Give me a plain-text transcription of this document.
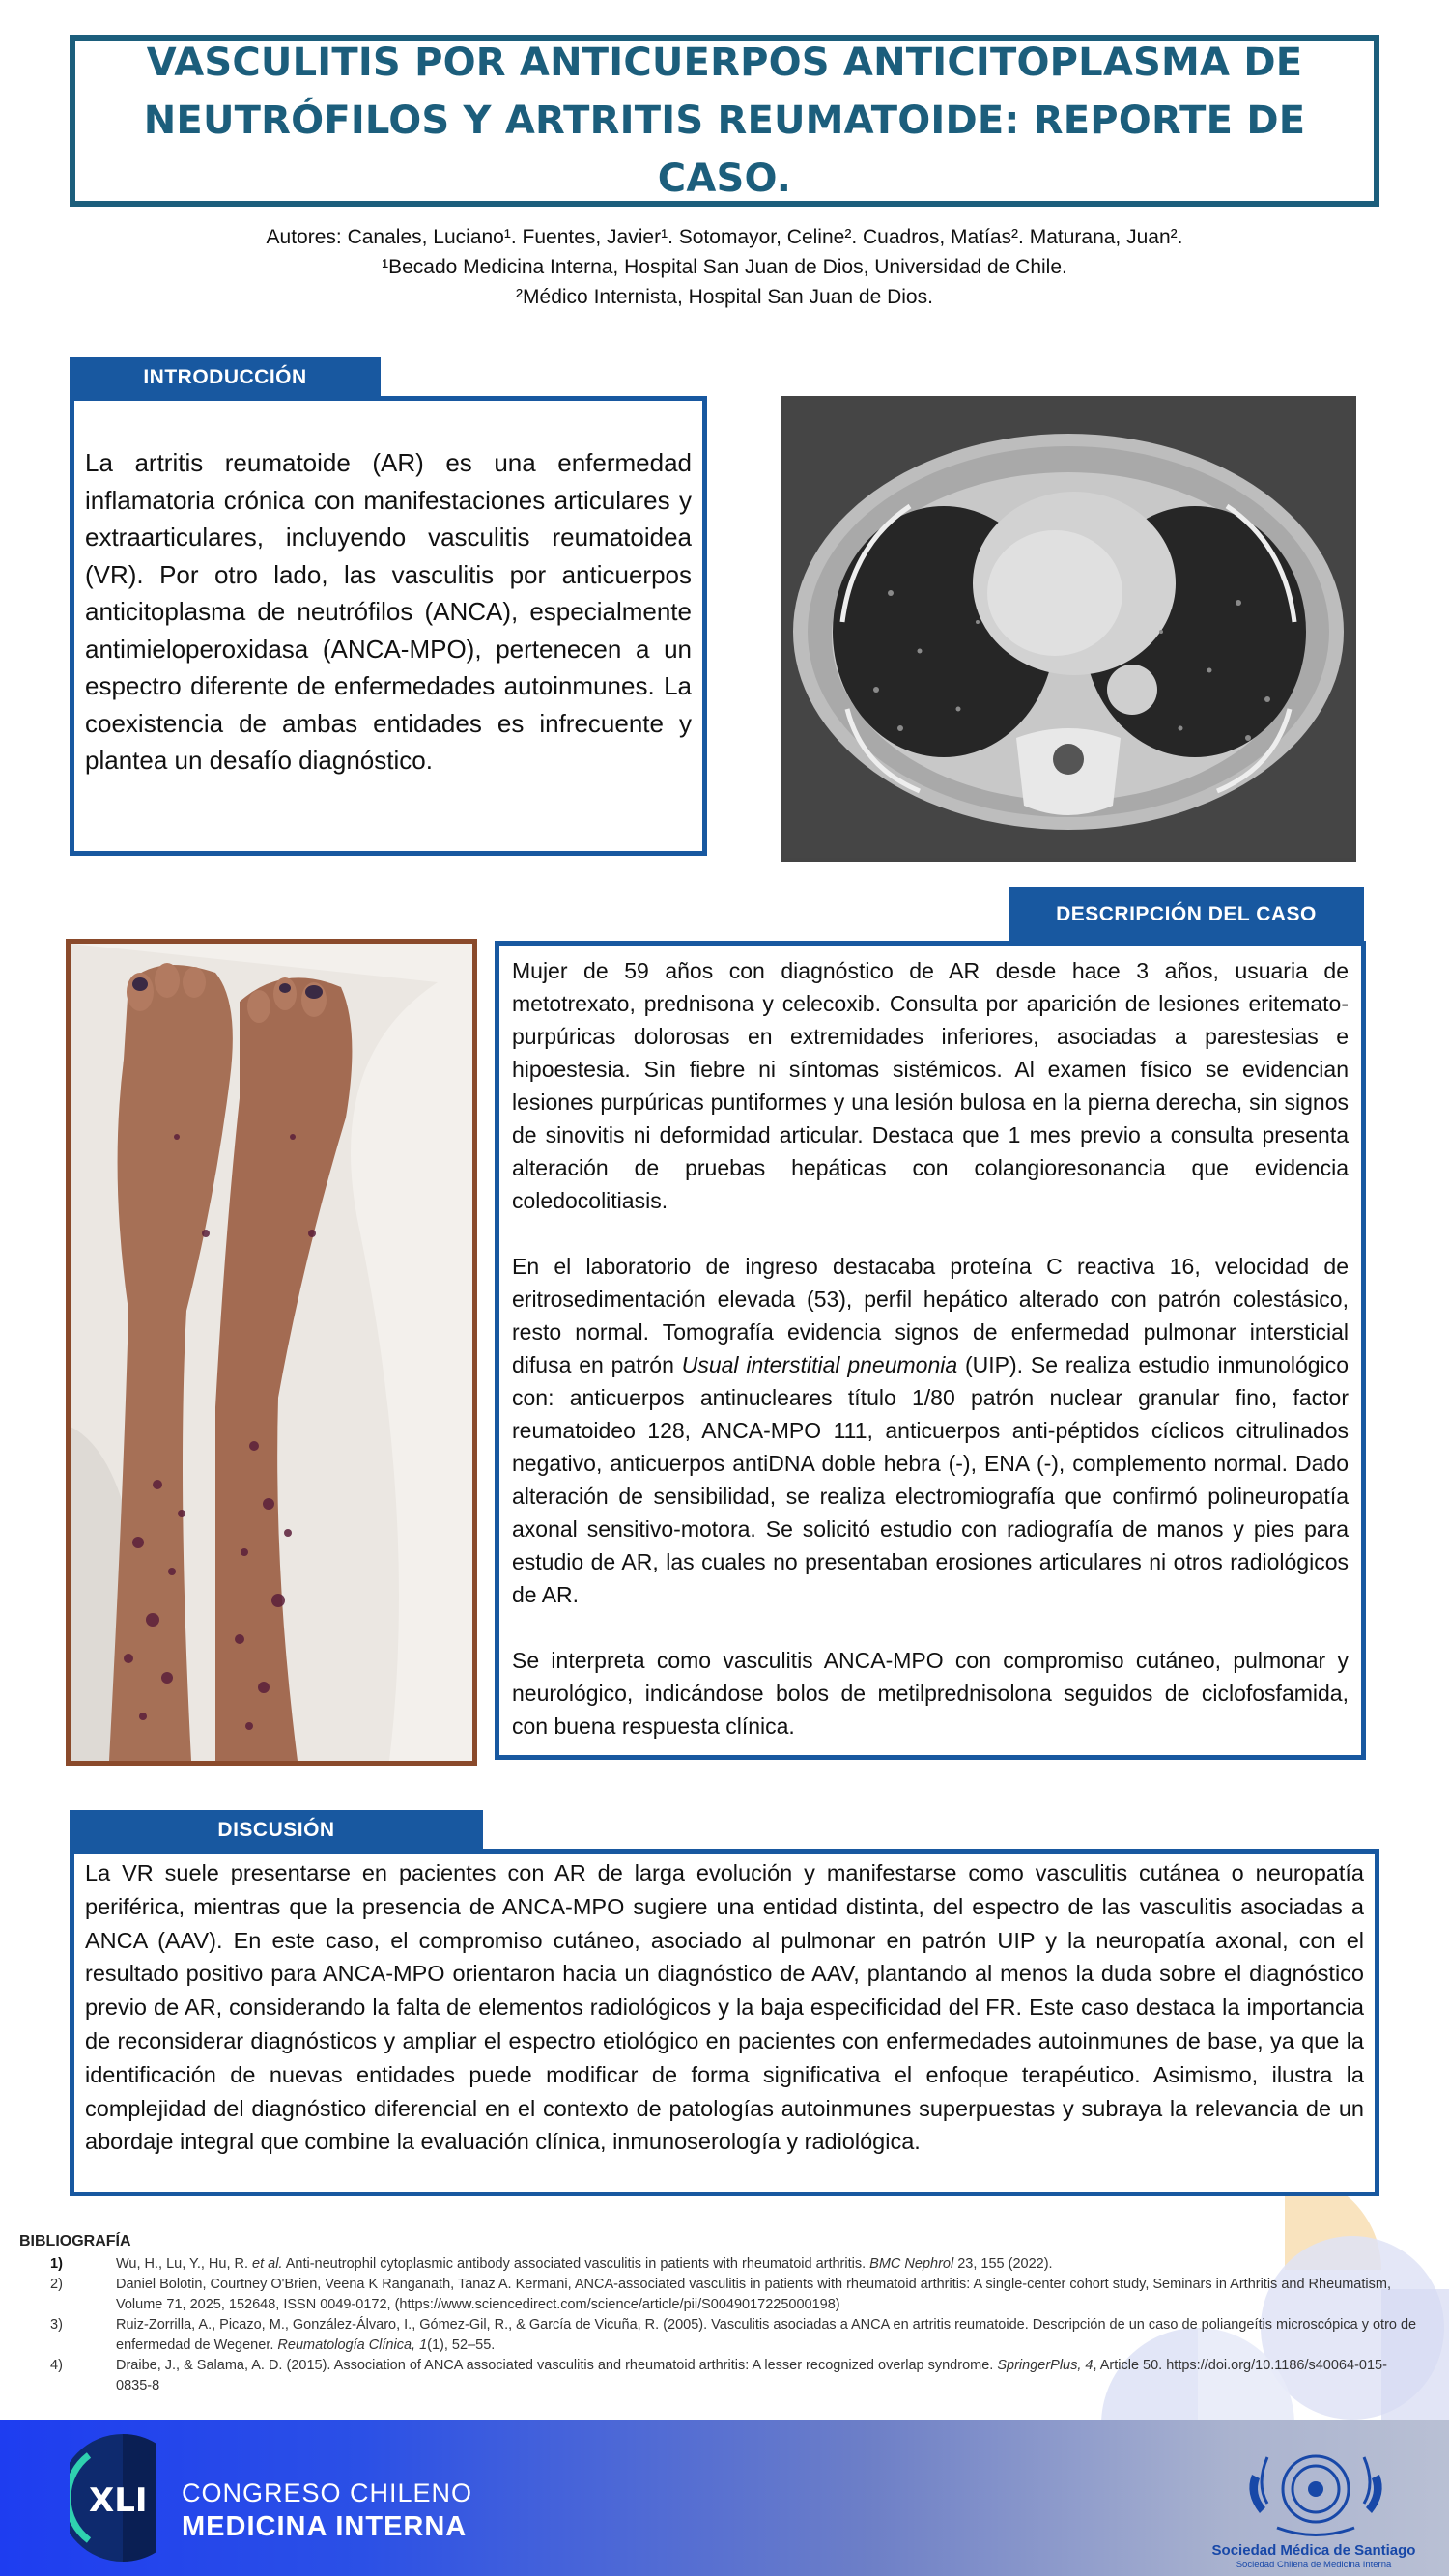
VASCULITIS POR ANTICUERPOS ANTICITOPLASMA DE
NEUTRÓFILOS Y ARTRITIS REUMATOIDE: REPORTE DE CASO.
Autores: Canales, Luciano¹. Fuentes, Javier¹. Sotomayor, Celine². Cuadros, Matías². Maturana, Juan².
¹Becado Medicina Interna, Hospital San Juan de Dios, Universidad de Chile.
²Médico Internista, Hospital San Juan de Dios.
INTRODUCCIÓN
La artritis reumatoide (AR) es una enfermedad inflamatoria crónica con manifestaciones articulares y extraarticulares, incluyendo vasculitis reumatoidea (VR). Por otro lado, las vasculitis por anticuerpos anticitoplasma de neutrófilos (ANCA), especialmente antimieloperoxidasa (ANCA-MPO), pertenecen a un espectro diferente de enfermedades autoinmunes. La coexistencia de ambas entidades es infrecuente y plantea un desafío diagnóstico.
DESCRIPCIÓN DEL CASO

Mujer de 59 años con diagnóstico de AR desde hace 3 años, usuaria de metotrexato, prednisona y celecoxib. Consulta por aparición de lesiones eritemato-purpúricas dolorosas en extremidades inferiores, asociadas a parestesias e hipoestesia. Sin fiebre ni síntomas sistémicos. Al examen físico se evidencian lesiones purpúricas puntiformes y una lesión bulosa en la pierna derecha, sin signos de sinovitis ni deformidad articular. Destaca que 1 mes previo a consulta presenta alteración de pruebas hepáticas con colangioresonancia que evidencia coledocolitiasis.

En el laboratorio de ingreso destacaba proteína C reactiva 16, velocidad de eritrosedimentación elevada (53), perfil hepático alterado con patrón colestásico, resto normal. Tomografía evidencia signos de enfermedad pulmonar intersticial difusa en patrón Usual interstitial pneumonia (UIP). Se realiza estudio inmunológico con: anticuerpos antinucleares título 1/80 patrón nuclear granular fino, factor reumatoideo 128, ANCA-MPO 111, anticuerpos anti-péptidos cíclicos citrulinados negativo, anticuerpos antiDNA doble hebra (-), ENA (-), complemento normal. Dado alteración de sensibilidad, se realiza electromiografía que confirmó polineuropatía axonal sensitivo-motora. Se solicitó estudio con radiografía de manos y pies para estudio de AR, las cuales no presentaban erosiones articulares ni otros radiológicos de AR.

Se interpreta como vasculitis ANCA-MPO con compromiso cutáneo, pulmonar y neurológico, indicándose bolos de metilprednisolona seguidos de ciclofosfamida, con buena respuesta clínica.

DISCUSIÓN
La VR suele presentarse en pacientes con AR de larga evolución y manifestarse como vasculitis cutánea o neuropatía periférica, mientras que la presencia de ANCA-MPO sugiere una entidad distinta, del espectro de las vasculitis asociadas a ANCA (AAV). En este caso, el compromiso cutáneo, asociado al pulmonar en patrón UIP y la neuropatía axonal, con el resultado positivo para ANCA-MPO orientaron hacia un diagnóstico de AAV, plantando al menos la duda sobre el diagnóstico previo de AR, considerando la falta de elementos radiológicos y la baja especificidad del FR. Este caso destaca la importancia de reconsiderar diagnósticos y ampliar el espectro etiológico en pacientes con enfermedades autoinmunes de base, ya que la identificación de nuevas entidades puede modificar de forma significativa el enfoque terapéutico. Asimismo, ilustra la complejidad del diagnóstico diferencial en el contexto de patologías autoinmunes superpuestas y subraya la relevancia de un abordaje integral que combine la evaluación clínica, inmunoserología y radiológica.
BIBLIOGRAFÍA
1)	Wu, H., Lu, Y., Hu, R. et al. Anti-neutrophil cytoplasmic antibody associated vasculitis in patients with rheumatoid arthritis. BMC Nephrol 23, 155 (2022).
2)	Daniel Bolotin, Courtney O'Brien, Veena K Ranganath, Tanaz A. Kermani, ANCA-associated vasculitis in patients with rheumatoid arthritis: A single-center cohort study, Seminars in Arthritis and Rheumatism, Volume 71, 2025, 152648, ISSN 0049-0172, (https://www.sciencedirect.com/science/article/pii/S0049017225000198)
3)	Ruiz-Zorrilla, A., Picazo, M., González-Álvaro, I., Gómez-Gil, R., & García de Vicuña, R. (2005). Vasculitis asociadas a ANCA en artritis reumatoide. Descripción de un caso de poliangeítis microscópica y otro de enfermedad de Wegener. Reumatología Clínica, 1(1), 52–55.
4)	Draibe, J., & Salama, A. D. (2015). Association of ANCA associated vasculitis and rheumatoid arthritis: A lesser recognized overlap syndrome. SpringerPlus, 4, Article 50. https://doi.org/10.1186/s40064-015-0835-8
XLI CONGRESO CHILENO
MEDICINA INTERNA
Sociedad Médica de Santiago
Sociedad Chilena de Medicina Interna
